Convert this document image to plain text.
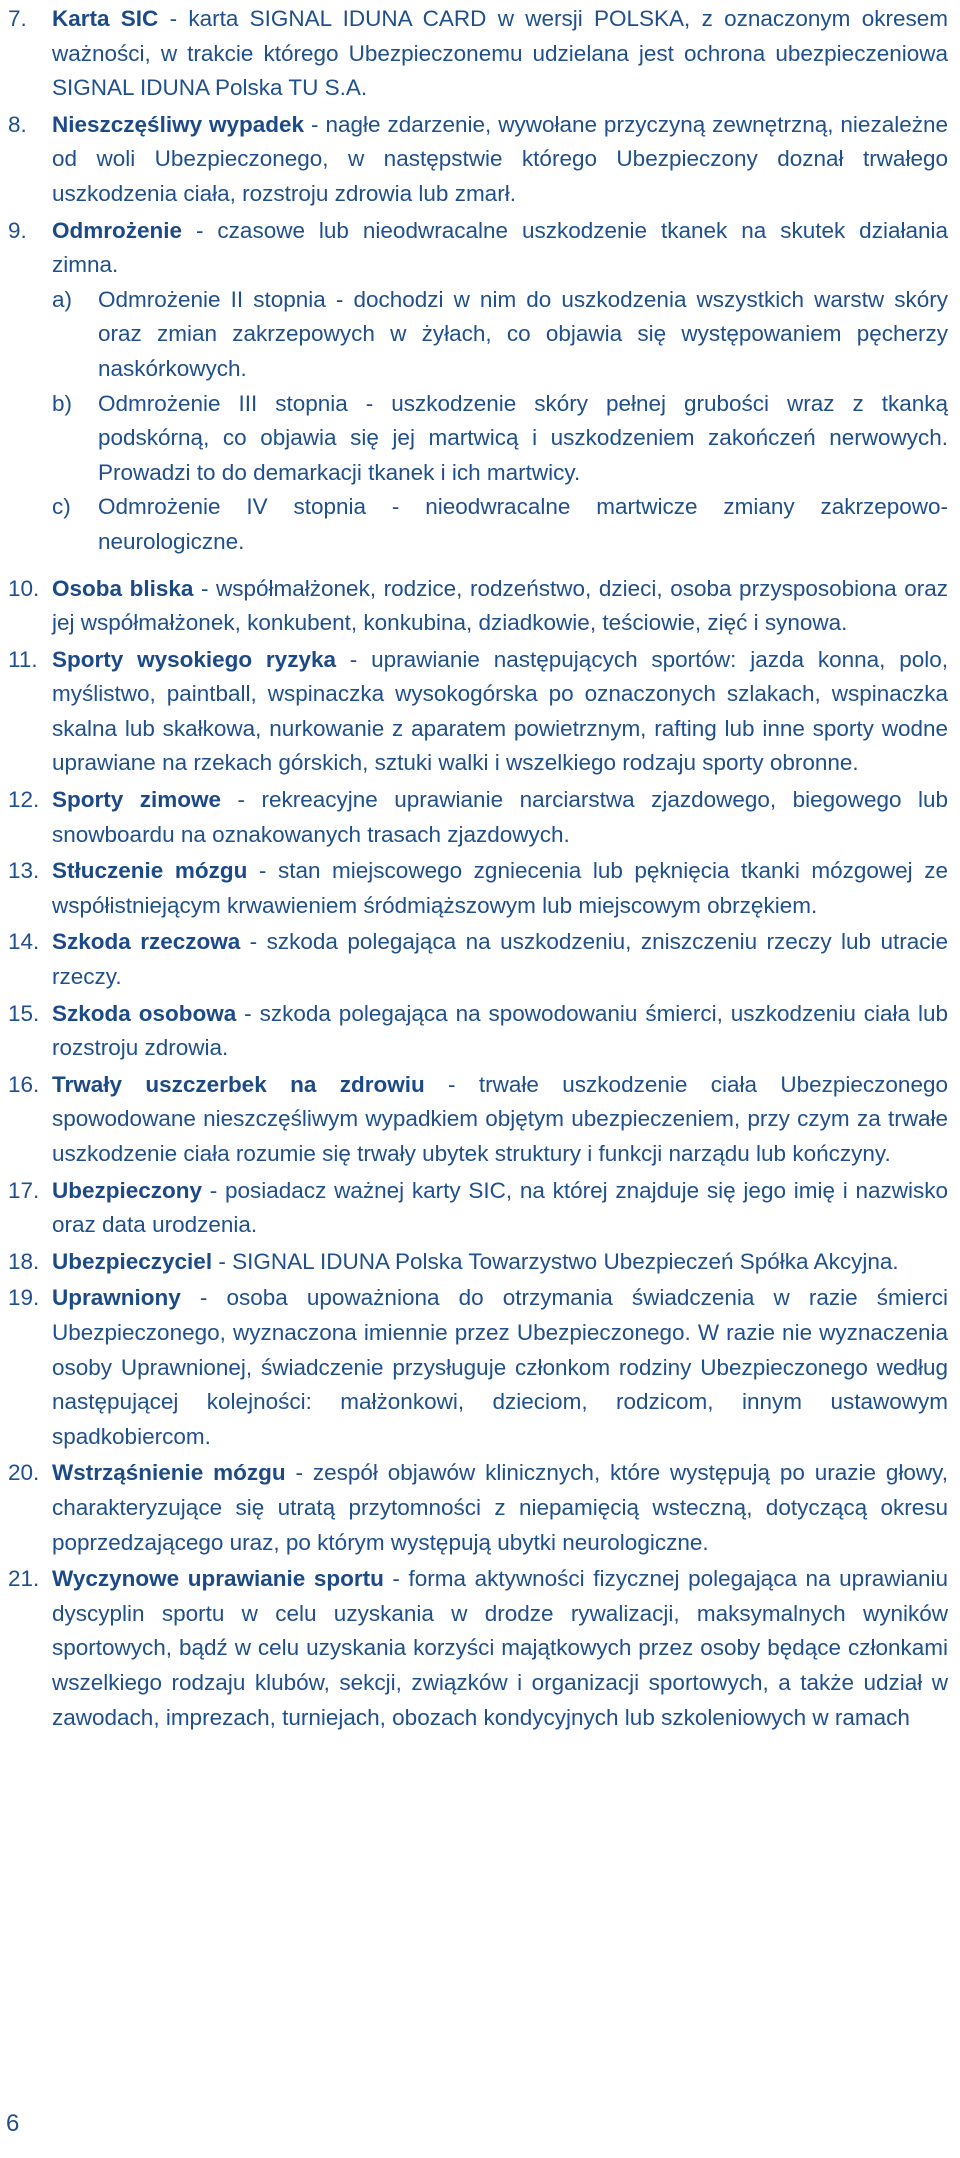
7. Karta SIC - karta SIGNAL IDUNA CARD w wersji POLSKA, z oznaczonym okresem ważności, w trakcie którego Ubezpieczonemu udzielana jest ochrona ubezpieczeniowa SIGNAL IDUNA Polska TU S.A.
8. Nieszczęśliwy wypadek - nagłe zdarzenie, wywołane przyczyną zewnętrzną, niezależne od woli Ubezpieczonego, w następstwie którego Ubezpieczony doznał trwałego uszkodzenia ciała, rozstroju zdrowia lub zmarł.
9. Odmrożenie - czasowe lub nieodwracalne uszkodzenie tkanek na skutek działania zimna.
a) Odmrożenie II stopnia - dochodzi w nim do uszkodzenia wszystkich warstw skóry oraz zmian zakrzepowych w żyłach, co objawia się występowaniem pęcherzy naskórkowych.
b) Odmrożenie III stopnia - uszkodzenie skóry pełnej grubości wraz z tkanką podskórną, co objawia się jej martwicą i uszkodzeniem zakończeń nerwowych. Prowadzi to do demarkacji tkanek i ich martwicy.
c) Odmrożenie IV stopnia - nieodwracalne martwicze zmiany zakrzepowo-neurologiczne.
10. Osoba bliska - współmałżonek, rodzice, rodzeństwo, dzieci, osoba przysposobiona oraz jej współmałżonek, konkubent, konkubina, dziadkowie, teściowie, zięć i synowa.
11. Sporty wysokiego ryzyka - uprawianie następujących sportów: jazda konna, polo, myślistwo, paintball, wspinaczka wysokogórska po oznaczonych szlakach, wspinaczka skalna lub skałkowa, nurkowanie z aparatem powietrznym, rafting lub inne sporty wodne uprawiane na rzekach górskich, sztuki walki i wszelkiego rodzaju sporty obronne.
12. Sporty zimowe - rekreacyjne uprawianie narciarstwa zjazdowego, biegowego lub snowboardu na oznakowanych trasach zjazdowych.
13. Stłuczenie mózgu - stan miejscowego zgniecenia lub pęknięcia tkanki mózgowej ze współistniejącym krwawieniem śródmiąższowym lub miejscowym obrzękiem.
14. Szkoda rzeczowa - szkoda polegająca na uszkodzeniu, zniszczeniu rzeczy lub utracie rzeczy.
15. Szkoda osobowa - szkoda polegająca na spowodowaniu śmierci, uszkodzeniu ciała lub rozstroju zdrowia.
16. Trwały uszczerbek na zdrowiu - trwałe uszkodzenie ciała Ubezpieczonego spowodowane nieszczęśliwym wypadkiem objętym ubezpieczeniem, przy czym za trwałe uszkodzenie ciała rozumie się trwały ubytek struktury i funkcji narządu lub kończyny.
17. Ubezpieczony - posiadacz ważnej karty SIC, na której znajduje się jego imię i nazwisko oraz data urodzenia.
18. Ubezpieczyciel - SIGNAL IDUNA Polska Towarzystwo Ubezpieczeń Spółka Akcyjna.
19. Uprawniony - osoba upoważniona do otrzymania świadczenia w razie śmierci Ubezpieczonego, wyznaczona imiennie przez Ubezpieczonego. W razie nie wyznaczenia osoby Uprawnionej, świadczenie przysługuje członkom rodziny Ubezpieczonego według następującej kolejności: małżonkowi, dzieciom, rodzicom, innym ustawowym spadkobiercom.
20. Wstrząśnienie mózgu - zespół objawów klinicznych, które występują po urazie głowy, charakteryzujące się utratą przytomności z niepamięcią wsteczną, dotyczącą okresu poprzedzającego uraz, po którym występują ubytki neurologiczne.
21. Wyczynowe uprawianie sportu - forma aktywności fizycznej polegająca na uprawianiu dyscyplin sportu w celu uzyskania w drodze rywalizacji, maksymalnych wyników sportowych, bądź w celu uzyskania korzyści majątkowych przez osoby będące członkami wszelkiego rodzaju klubów, sekcji, związków i organizacji sportowych, a także udział w zawodach, imprezach, turniejach, obozach kondycyjnych lub szkoleniowych w ramach
6
